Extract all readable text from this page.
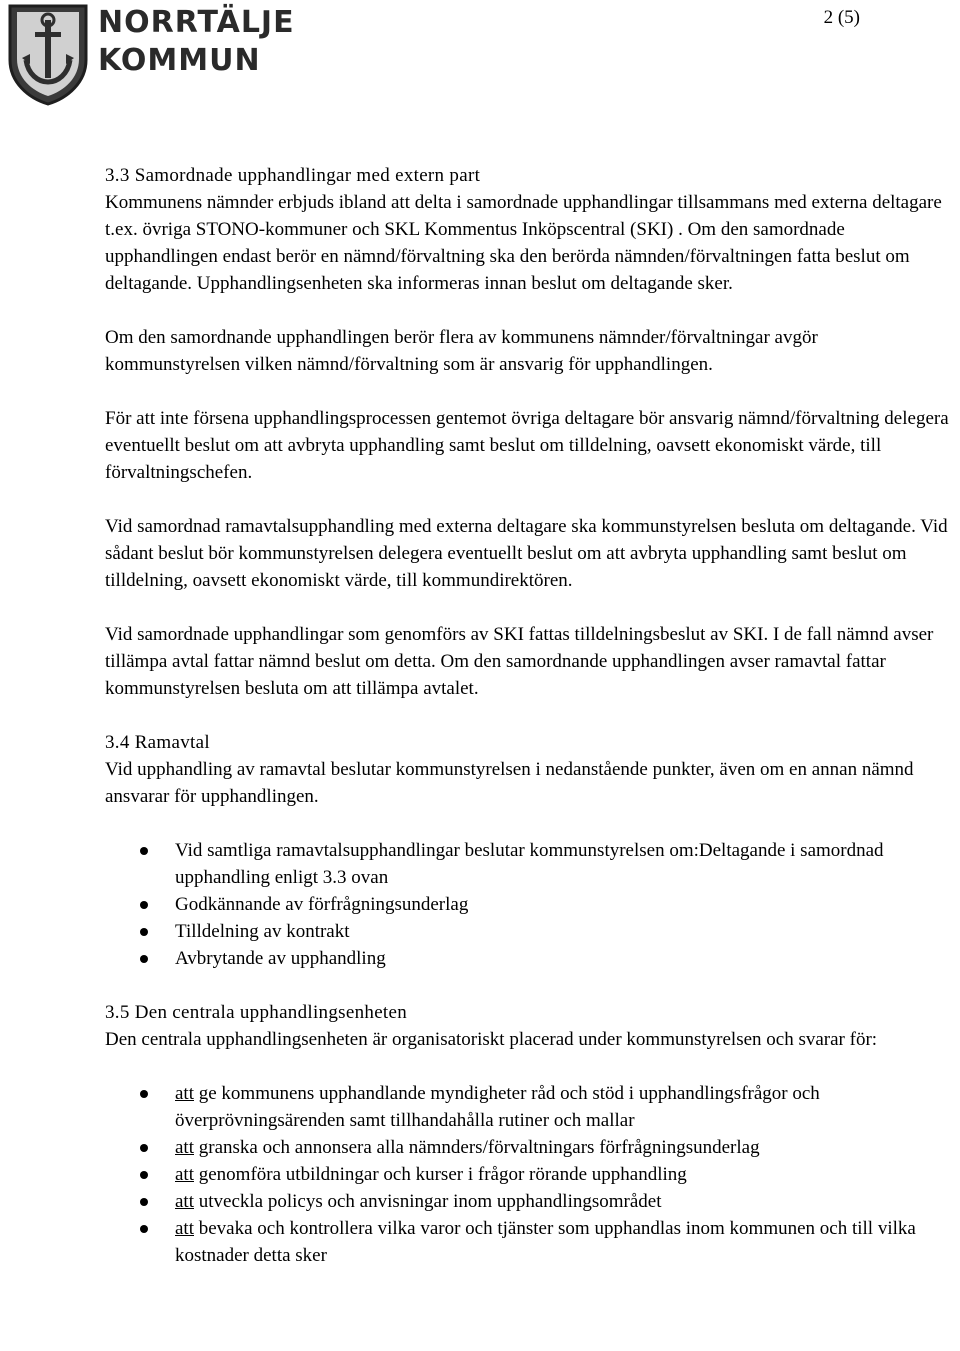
NORRTÄLJE
KOMMUN
2 (5)
3.3 Samordnade upphandlingar med extern part

Kommunens nämnder erbjuds ibland att delta i samordnade upphandlingar tillsammans med externa deltagare t.ex. övriga STONO-kommuner och SKL Kommentus Inköpscentral (SKI) . Om den samordnade upphandlingen endast berör en nämnd/förvaltning ska den berörda nämnden/förvaltningen fatta beslut om deltagande. Upphandlingsenheten ska informeras innan beslut om deltagande sker.

Om den samordnande upphandlingen berör flera av kommunens nämnder/förvaltningar avgör kommunstyrelsen vilken nämnd/förvaltning som är ansvarig för upphandlingen.

För att inte försena upphandlingsprocessen gentemot övriga deltagare bör ansvarig nämnd/förvaltning delegera eventuellt beslut om att avbryta upphandling samt beslut om tilldelning, oavsett ekonomiskt värde, till förvaltningschefen.

Vid samordnad ramavtalsupphandling med externa deltagare ska kommunstyrelsen besluta om deltagande. Vid sådant beslut bör kommunstyrelsen delegera eventuellt beslut om att avbryta upphandling samt beslut om tilldelning, oavsett ekonomiskt värde, till kommundirektören.

Vid samordnade upphandlingar som genomförs av SKI fattas tilldelningsbeslut av SKI. I de fall nämnd avser tillämpa avtal fattar nämnd beslut om detta. Om den samordnande upphandlingen avser ramavtal fattar kommunstyrelsen besluta om att tillämpa avtalet.

3.4 Ramavtal

Vid upphandling av ramavtal beslutar kommunstyrelsen i nedanstående punkter, även om en annan nämnd ansvarar för upphandlingen.

Vid samtliga ramavtalsupphandlingar beslutar kommunstyrelsen om:Deltagande i samordnad upphandling enligt 3.3 ovan
Godkännande av förfrågningsunderlag
Tilldelning av kontrakt
Avbrytande av upphandling
3.5 Den centrala upphandlingsenheten
Den centrala upphandlingsenheten är organisatoriskt placerad under kommunstyrelsen och svarar för:
att ge kommunens upphandlande myndigheter råd och stöd i upphandlingsfrågor och överprövningsärenden samt tillhandahålla rutiner och mallar
att granska och annonsera alla nämnders/förvaltningars förfrågningsunderlag
att genomföra utbildningar och kurser i frågor rörande upphandling
att utveckla policys och anvisningar inom upphandlingsområdet
att bevaka och kontrollera vilka varor och tjänster som upphandlas inom kommunen och till vilka kostnader detta sker
